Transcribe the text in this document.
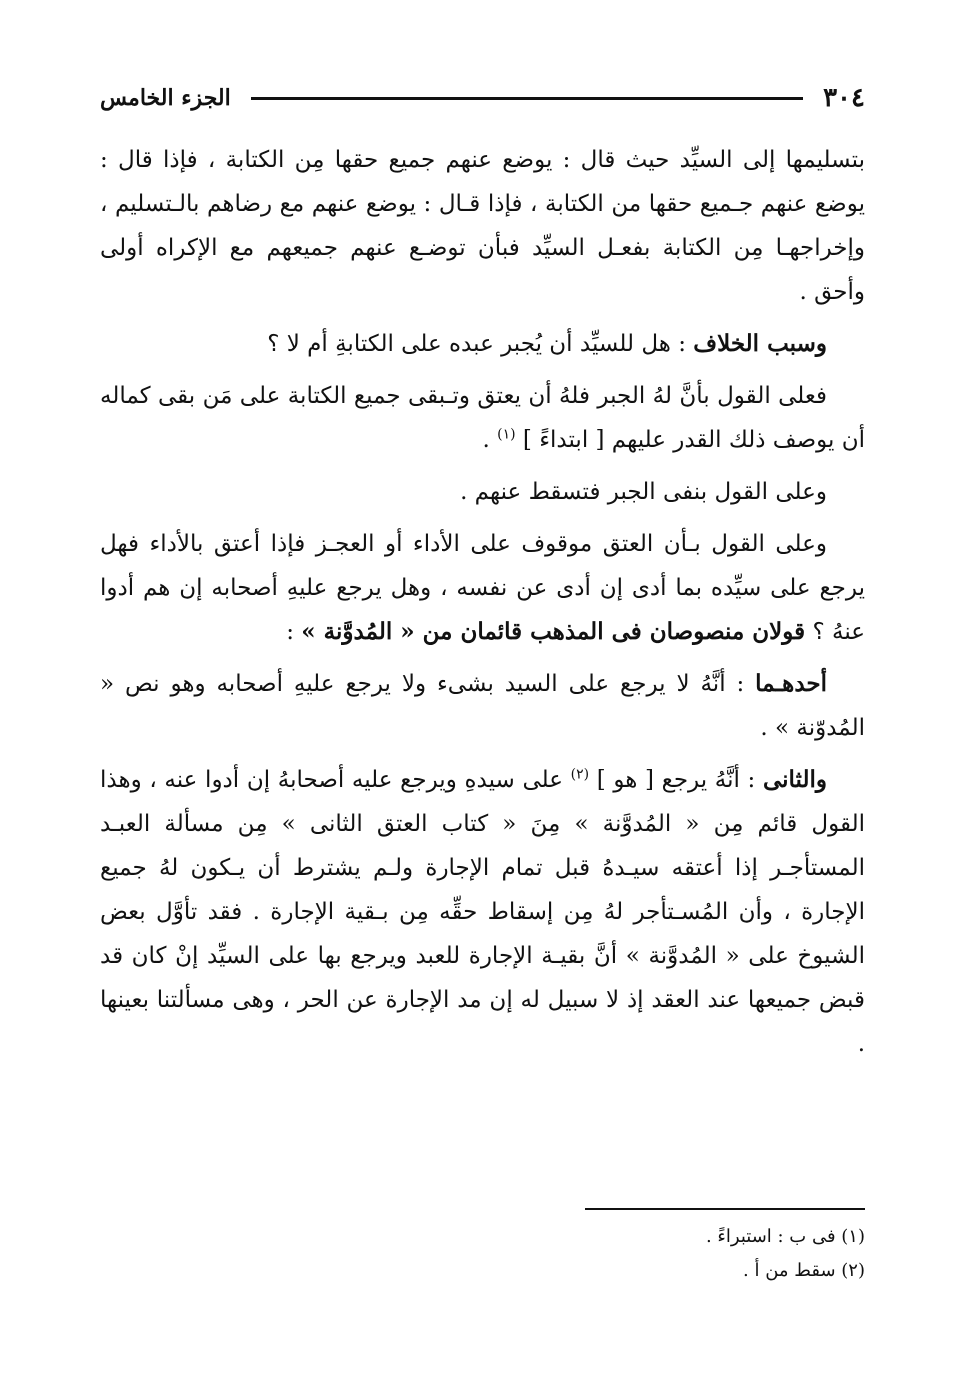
٣٠٤
الجزء الخامس

بتسليمها إلى السيِّد حيث قال : يوضع عنهم جميع حقها مِن الكتابة ، فإذا قال : يوضع عنهم جـميع حقها من الكتابة ، فإذا قـال : يوضع عنهم مع رضاهم بالـتسليم ، وإخراجهـا مِن الكتابة بفعـل السيِّد فبأن توضـع عنهم جميعهم مع الإكراه أولى وأحق .

وسبب الخلاف : هل للسيِّد أن يُجبر عبده على الكتابةِ أم لا ؟

فعلى القول بأنَّ لهُ الجبر فلهُ أن يعتق وتـبقى جميع الكتابة على مَن بقى كماله أن يوصف ذلك القدر عليهم [ ابتداءً ] $^{(١)}$ .

وعلى القول بنفى الجبر فتسقط عنهم .

وعلى القول بـأن العتق موقوف على الأداء أو العجـز فإذا أعتق بالأداء فهل يرجع على سيِّده بما أدى إن أدى عن نفسه ، وهل يرجع عليهِ أصحابه إن هم أدوا عنهُ ؟ قولان منصوصان فى المذهب قائمان من « المُدوَّنة » :

أحدهـما : أنَّهُ لا يرجع على السيد بشىء ولا يرجع عليهِ أصحابه وهو نص « المُدوّنة » .

والثانى : أنَّهُ يرجع [ هو ] $^{(٢)}$ على سيدهِ ويرجع عليه أصحابهُ إن أدوا عنه ، وهذا القول قائم مِن « المُدوَّنة » مِنَ « كتاب العتق الثانى » مِن مسألة العبـد المستأجـر إذا أعتقه سيـدهُ قبل تمام الإجارة ولـم يشترط أن يـكون لهُ جميع الإجارة ، وأن المُسـتأجر لهُ مِن إسقاط حقِّه مِن بـقية الإجارة . فقد تأوَّل بعض الشيوخ على « المُدوَّنة » أنَّ بقيـة الإجارة للعبد ويرجع بها على السيِّد إنْ كان قد قبض جميعها عند العقد إذ لا سبيل له إن مد الإجارة عن الحر ، وهى مسألتنا بعينها .

(١) فى ب : استبراءً .

(٢) سقط من أ .
